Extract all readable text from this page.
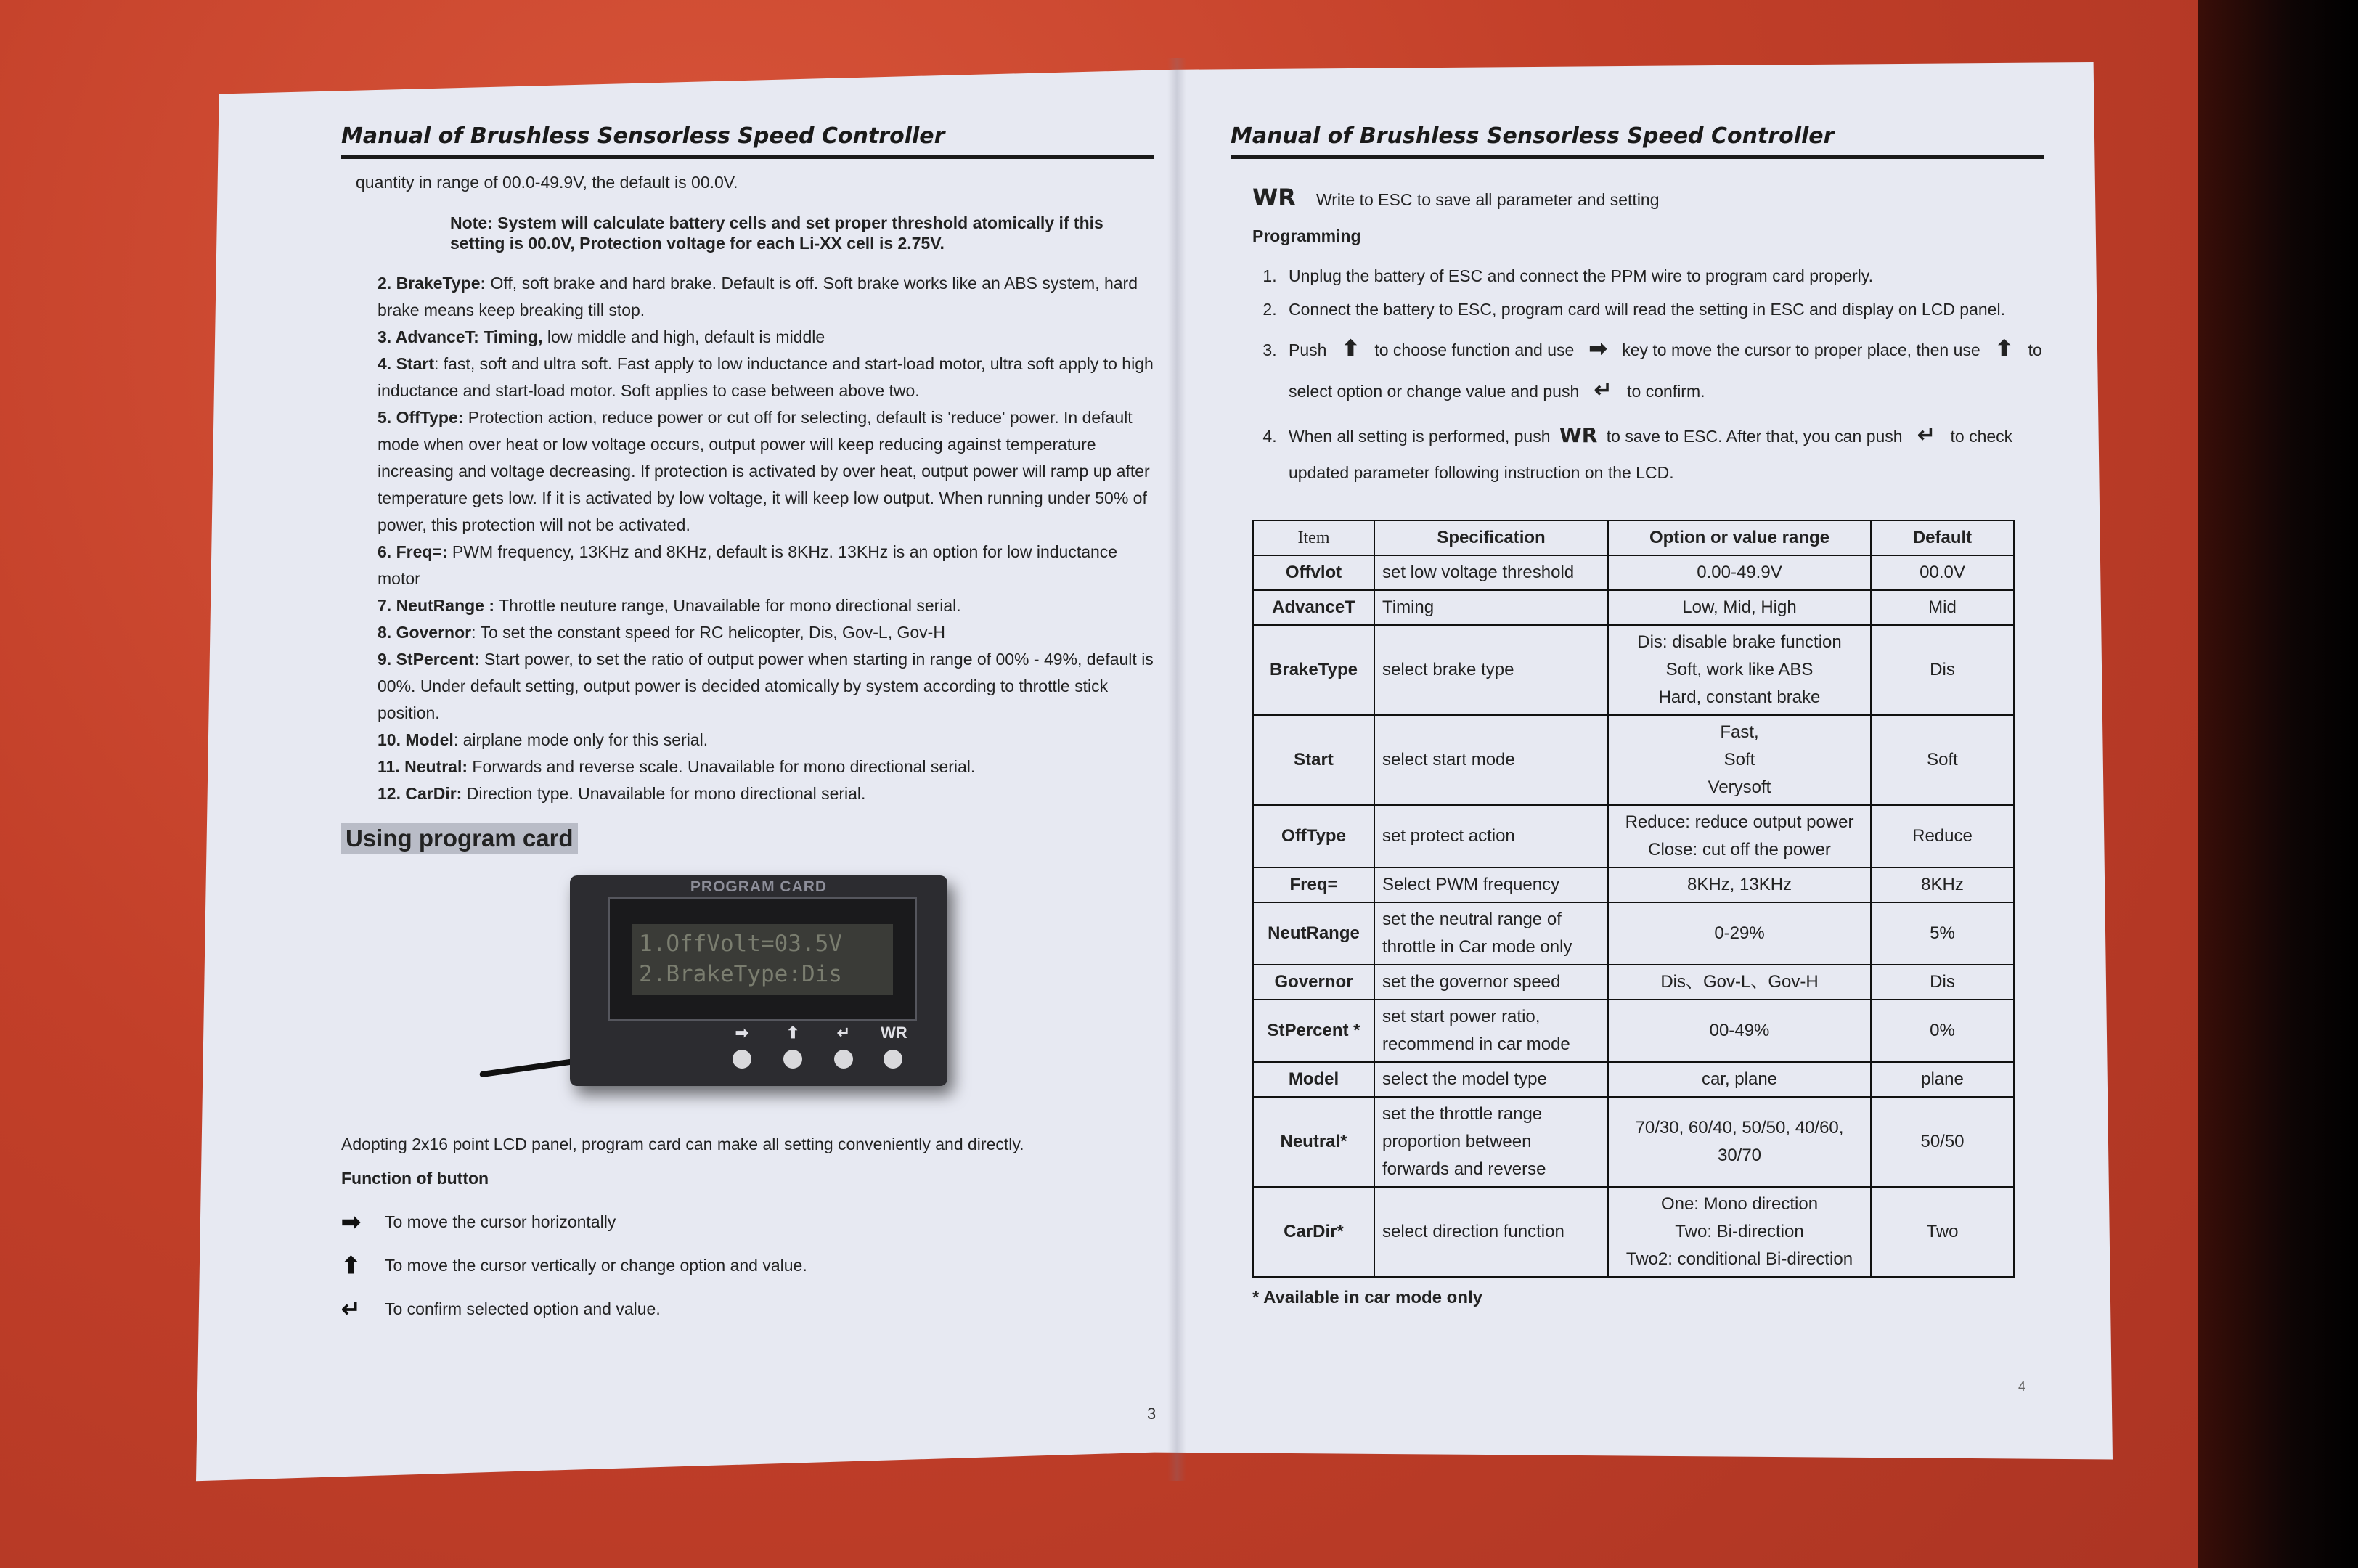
Manual of Brushless Sensorless Speed Controller

quantity in range of 00.0-49.9V, the default is 00.0V.

Note: System will calculate battery cells and set proper threshold atomically if this setting is 00.0V, Protection voltage for each Li-XX cell is 2.75V.

2. BrakeType: Off, soft brake and hard brake. Default is off. Soft brake works like an ABS system, hard brake means keep breaking till stop.

3. AdvanceT: Timing, low middle and high, default is middle

4. Start: fast, soft and ultra soft. Fast apply to low inductance and start-load motor, ultra soft apply to high inductance and start-load motor. Soft applies to case between above two.

5. OffType: Protection action, reduce power or cut off for selecting, default is 'reduce' power. In default mode when over heat or low voltage occurs, output power will keep reducing against temperature increasing and voltage decreasing. If protection is activated by over heat, output power will ramp up after temperature gets low. If it is activated by low voltage, it will keep low output. When running under 50% of power, this protection will not be activated.

6. Freq=: PWM frequency, 13KHz and 8KHz, default is 8KHz. 13KHz is an option for low inductance motor

7. NeutRange : Throttle neuture range, Unavailable for mono directional serial.

8. Governor: To set the constant speed for RC helicopter, Dis, Gov-L, Gov-H

9. StPercent: Start power, to set the ratio of output power when starting in range of 00% - 49%, default is 00%. Under default setting, output power is decided atomically by system according to throttle stick position.

10. Model: airplane mode only for this serial.

11. Neutral: Forwards and reverse scale. Unavailable for mono directional serial.

12. CarDir: Direction type. Unavailable for mono directional serial.

Using program card
PROGRAM CARD
1.OffVolt=03.5V
2.BrakeType:Dis
➡	⬆	↵	WR

Adopting 2x16 point LCD panel, program card can make all setting conveniently and directly.

Function of button

➡	To move the cursor horizontally
⬆	To move the cursor vertically or change option and value.
↵	To confirm selected option and value.
3
Manual of Brushless Sensorless Speed Controller
WR Write to ESC to save all parameter and setting
Programming
1. Unplug the battery of ESC and connect the PPM wire to program card properly.
2. Connect the battery to ESC, program card will read the setting in ESC and display on LCD panel.
3. Push ⬆ to choose function and use ➡ key to move the cursor to proper place, then use ⬆ to select option or change value and push ↵ to confirm.
4. When all setting is performed, push WR to save to ESC. After that, you can push ↵ to check updated parameter following instruction on the LCD.
Item	Specification	Option or value range	Default
Offvlot	set low voltage threshold	0.00-49.9V	00.0V
AdvanceT	Timing	Low, Mid, High	Mid
BrakeType	select brake type	Dis: disable brake function
Soft, work like ABS
Hard, constant brake	Dis
Start	select start mode	Fast,
Soft
Verysoft	Soft
OffType	set protect action	Reduce: reduce output power
Close: cut off the power	Reduce
Freq=	Select PWM frequency	8KHz, 13KHz	8KHz
NeutRange	set the neutral range of throttle in Car mode only	0-29%	5%
Governor	set the governor speed	Dis、Gov-L、Gov-H	Dis
StPercent *	set start power ratio, recommend in car mode	00-49%	0%
Model	select the model type	car, plane	plane
Neutral*	set the throttle range proportion between forwards and reverse	70/30, 60/40, 50/50, 40/60, 30/70	50/50
CarDir*	select direction function	One: Mono direction
Two: Bi-direction
Two2: conditional Bi-direction	Two
* Available in car mode only
4
